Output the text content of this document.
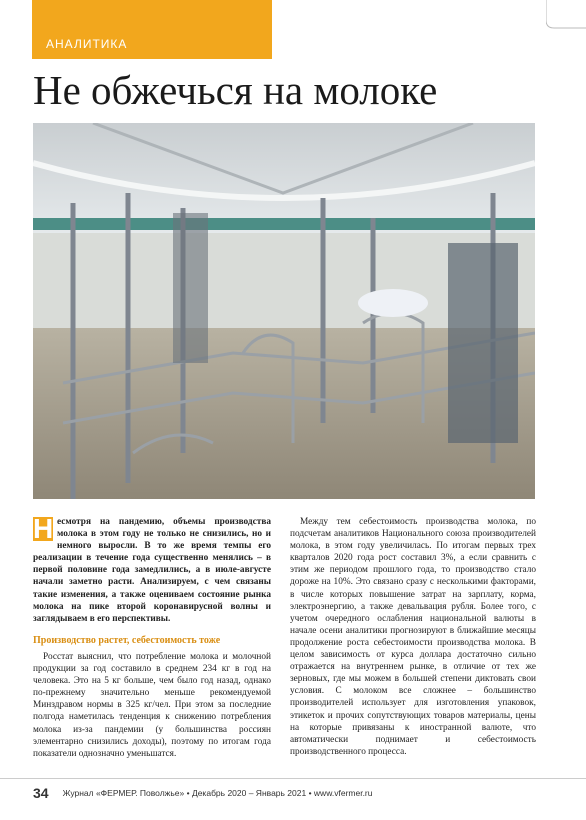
АНАЛИТИКА
Не обжечься на молоке

Н есмотря на пандемию, объемы производства молока в этом году не только не снизились, но и немного выросли. В то же время темпы его реализации в течение года существенно менялись – в первой половине года замедлились, а в июле-августе начали заметно расти. Анализируем, с чем связаны такие изменения, а также оцениваем состояние рынка молока на пике второй коронавирусной волны и заглядываем в его перспективы.

Производство растет, себестоимость тоже

Росстат выяснил, что потребление молока и молочной продукции за год составило в среднем 234 кг в год на человека. Это на 5 кг больше, чем было год назад, однако по-прежнему значительно меньше рекомендуемой Минздравом нормы в 325 кг/чел. При этом за последние полгода наметилась тенденция к снижению потребления молока из-за пандемии (у большинства россиян элементарно снизились доходы), поэтому по итогам года показатели однозначно уменьшатся.

Между тем себестоимость производства молока, по подсчетам аналитиков Национального союза производителей молока, в этом году увеличилась. По итогам первых трех кварталов 2020 года рост составил 3%, а если сравнить с этим же периодом прошлого года, то производство стало дороже на 10%. Это связано сразу с несколькими факторами, в числе которых повышение затрат на зарплату, корма, электроэнергию, а также девальвация рубля. Более того, с учетом очередного ослабления национальной валюты в начале осени аналитики прогнозируют в ближайшие месяцы продолжение роста себестоимости производства молока. В целом зависимость от курса доллара достаточно сильно отражается на внутреннем рынке, в отличие от тех же зерновых, где мы можем в большей степени диктовать свои условия. С молоком все сложнее – большинство производителей использует для изготовления упаковок, этикеток и прочих сопутствующих товаров материалы, цены на которые привязаны к иностранной валюте, что автоматически поднимает и себестоимость производственного процесса.

34 Журнал «ФЕРМЕР. Поволжье» • Декабрь 2020 – Январь 2021 • www.vfermer.ru
